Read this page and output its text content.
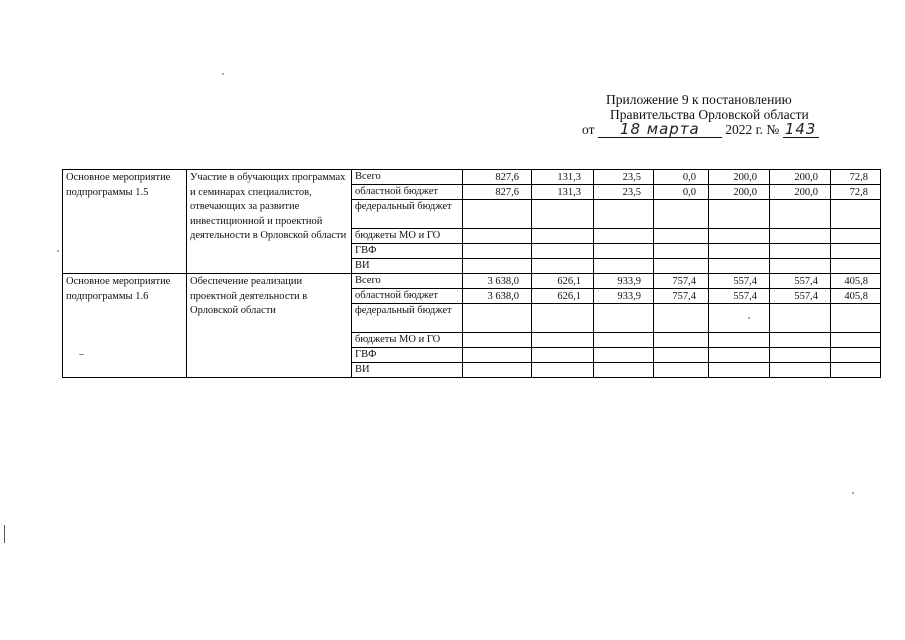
Приложение 9 к постановлению
Правительства Орловской области
от 18 марта 2022 г. № 143
Основное мероприятие подпрограммы 1.5	Участие в обучающих программах и семинарах специалистов, отвечающих за развитие инвестиционной и проектной деятельности в Орловской области	Всего	827,6	131,3	23,5	0,0	200,0	200,0	72,8
		областной бюджет	827,6	131,3	23,5	0,0	200,0	200,0	72,8
		федеральный бюджет							
		бюджеты МО и ГО							
		ГВФ							
		ВИ							
Основное мероприятие подпрограммы 1.6	Обеспечение реализации проектной деятельности в Орловской области	Всего	3 638,0	626,1	933,9	757,4	557,4	557,4	405,8
		областной бюджет	3 638,0	626,1	933,9	757,4	557,4	557,4	405,8
		федеральный бюджет							
		бюджеты МО и ГО							
		ГВФ							
		ВИ							
